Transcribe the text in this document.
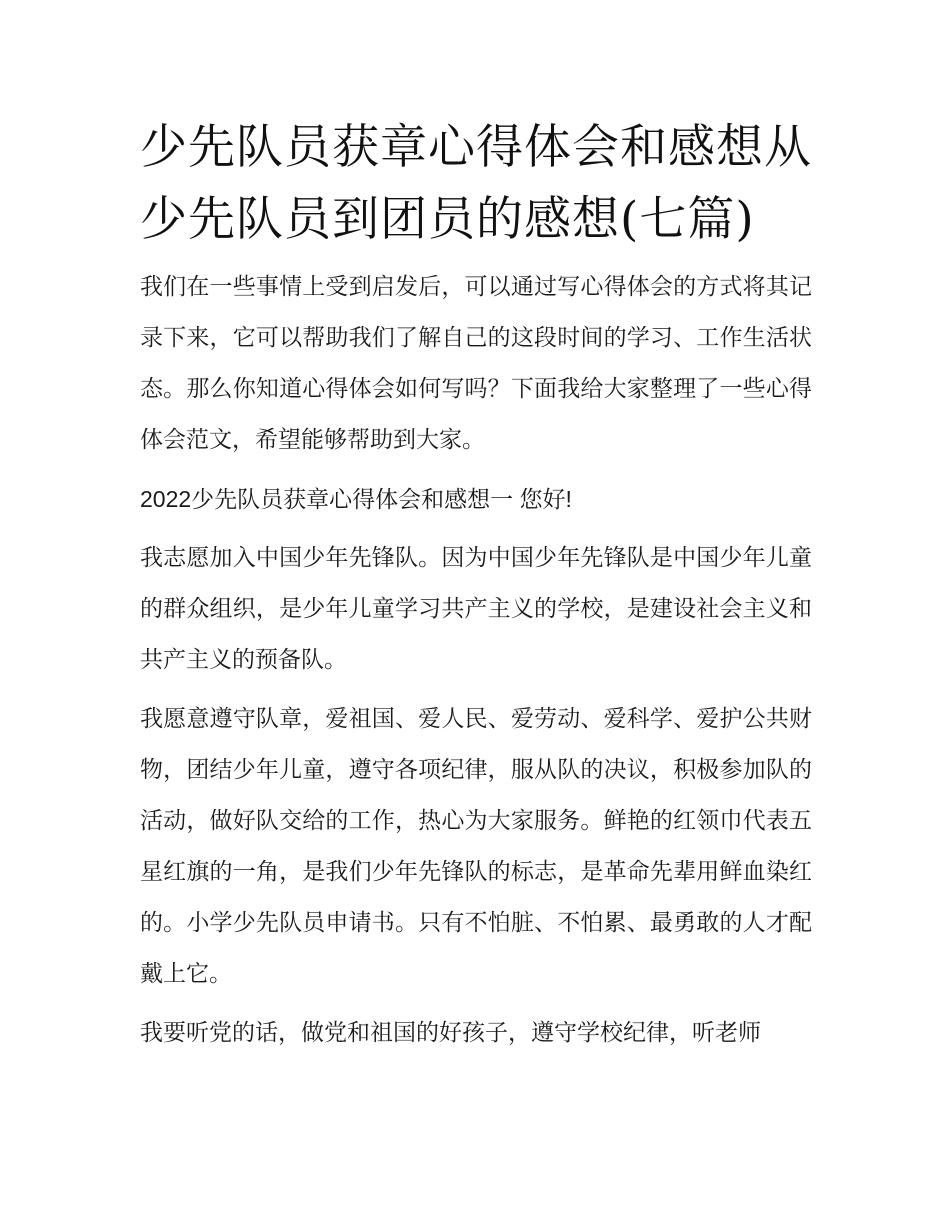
少先队员获章心得体会和感想从少先队员到团员的感想(七篇)

我们在一些事情上受到启发后，可以通过写心得体会的方式将其记录下来，它可以帮助我们了解自己的这段时间的学习、工作生活状态。那么你知道心得体会如何写吗？下面我给大家整理了一些心得体会范文，希望能够帮助到大家。

2022少先队员获章心得体会和感想一 您好!

我志愿加入中国少年先锋队。因为中国少年先锋队是中国少年儿童的群众组织，是少年儿童学习共产主义的学校，是建设社会主义和共产主义的预备队。

我愿意遵守队章，爱祖国、爱人民、爱劳动、爱科学、爱护公共财物，团结少年儿童，遵守各项纪律，服从队的决议，积极参加队的活动，做好队交给的工作，热心为大家服务。鲜艳的红领巾代表五星红旗的一角，是我们少年先锋队的标志，是革命先辈用鲜血染红的。小学少先队员申请书。只有不怕脏、不怕累、最勇敢的人才配戴上它。

我要听党的话，做党和祖国的好孩子，遵守学校纪律，听老师
